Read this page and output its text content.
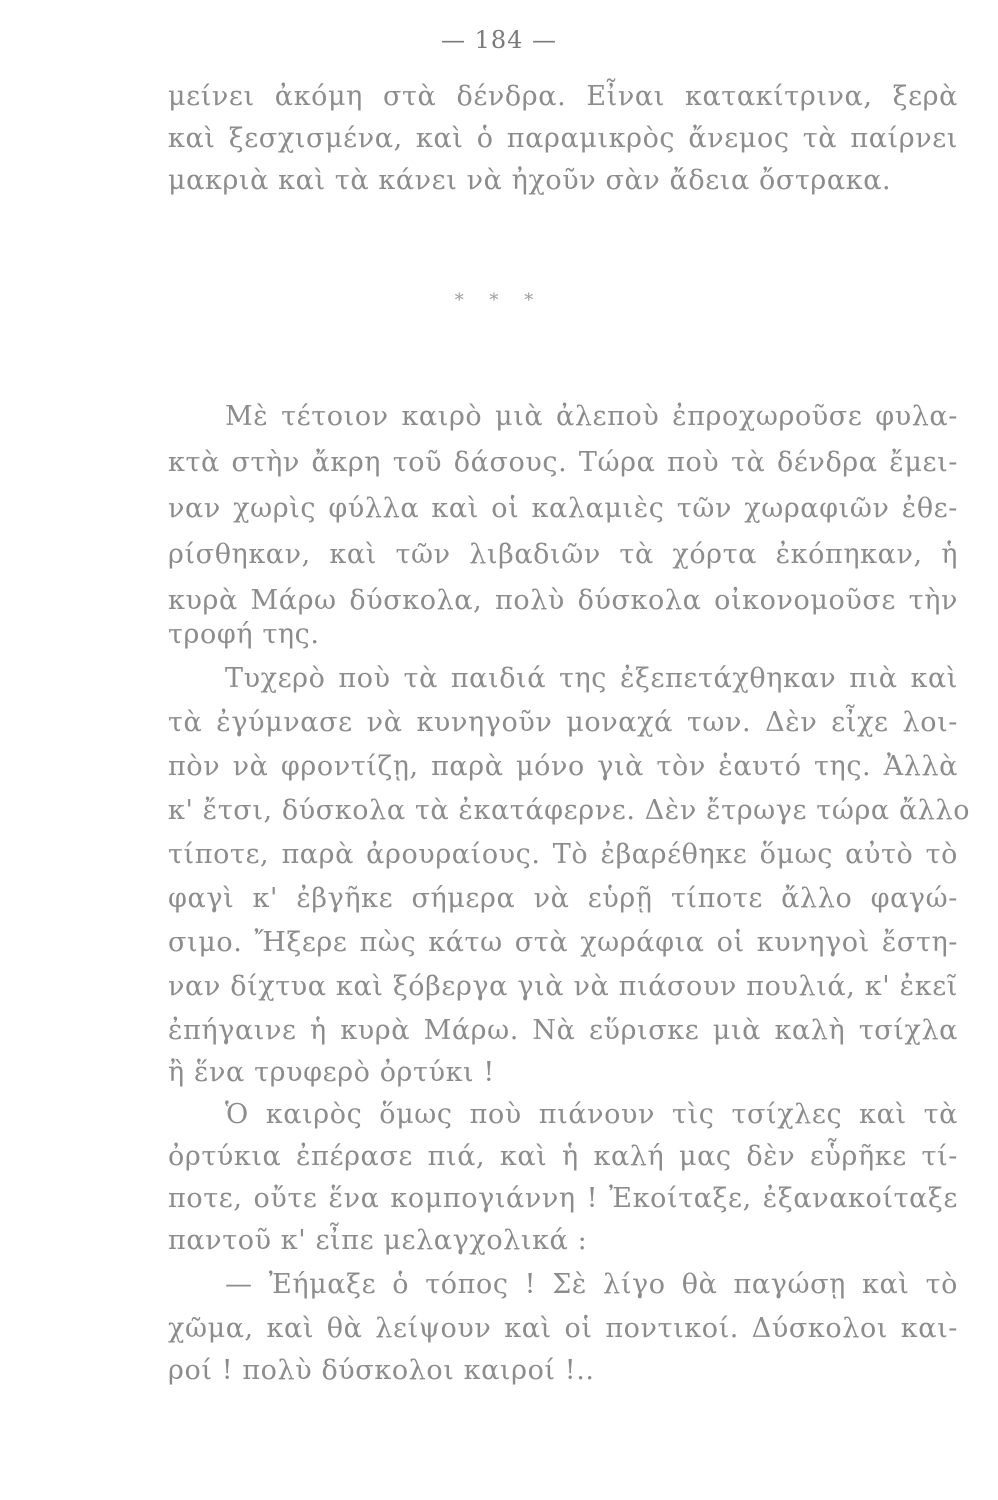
— 184 —
μείνει ἀκόμη στὰ δένδρα. Εἶναι κατακίτρινα, ξερὰ
καὶ ξεσχισμένα, καὶ ὁ παραμικρὸς ἄνεμος τὰ παίρνει
μακριὰ καὶ τὰ κάνει νὰ ἠχοῦν σὰν ἄδεια ὄστρακα.
* * *
Μὲ τέτοιον καιρὸ μιὰ ἀλεποὺ ἐπροχωροῦσε φυλα-
κτὰ στὴν ἄκρη τοῦ δάσους. Τώρα ποὺ τὰ δένδρα ἔμει-
ναν χωρὶς φύλλα καὶ οἱ καλαμιὲς τῶν χωραφιῶν ἐθε-
ρίσθηκαν, καὶ τῶν λιβαδιῶν τὰ χόρτα ἐκόπηκαν, ἡ
κυρὰ Μάρω δύσκολα, πολὺ δύσκολα οἰκονομοῦσε τὴν
τροφή της.
Τυχερὸ ποὺ τὰ παιδιά της ἐξεπετάχθηκαν πιὰ καὶ
τὰ ἐγύμνασε νὰ κυνηγοῦν μοναχά των. Δὲν εἶχε λοι-
πὸν νὰ φροντίζῃ, παρὰ μόνο γιὰ τὸν ἑαυτό της. Ἀλλὰ
κ' ἔτσι, δύσκολα τὰ ἐκατάφερνε. Δὲν ἔτρωγε τώρα ἄλλο
τίποτε, παρὰ ἀρουραίους. Τὸ ἐβαρέθηκε ὅμως αὐτὸ τὸ
φαγὶ κ' ἐβγῆκε σήμερα νὰ εὑρῇ τίποτε ἄλλο φαγώ-
σιμο. Ἤξερε πὼς κάτω στὰ χωράφια οἱ κυνηγοὶ ἔστη-
ναν δίχτυα καὶ ξόβεργα γιὰ νὰ πιάσουν πουλιά, κ' ἐκεῖ
ἐπήγαινε ἡ κυρὰ Μάρω. Νὰ εὕρισκε μιὰ καλὴ τσίχλα
ἢ ἕνα τρυφερὸ ὀρτύκι !
Ὁ καιρὸς ὅμως ποὺ πιάνουν τὶς τσίχλες καὶ τὰ
ὀρτύκια ἐπέρασε πιά, καὶ ἡ καλή μας δὲν εὗρῆκε τί-
ποτε, οὔτε ἕνα κομπογιάννη ! Ἐκοίταξε, ἐξανακοίταξε
παντοῦ κ' εἶπε μελαγχολικά :
— Ἐήμαξε ὁ τόπος ! Σὲ λίγο θὰ παγώσῃ καὶ τὸ
χῶμα, καὶ θὰ λείψουν καὶ οἱ ποντικοί. Δύσκολοι και-
ροί ! πολὺ δύσκολοι καιροί !..
